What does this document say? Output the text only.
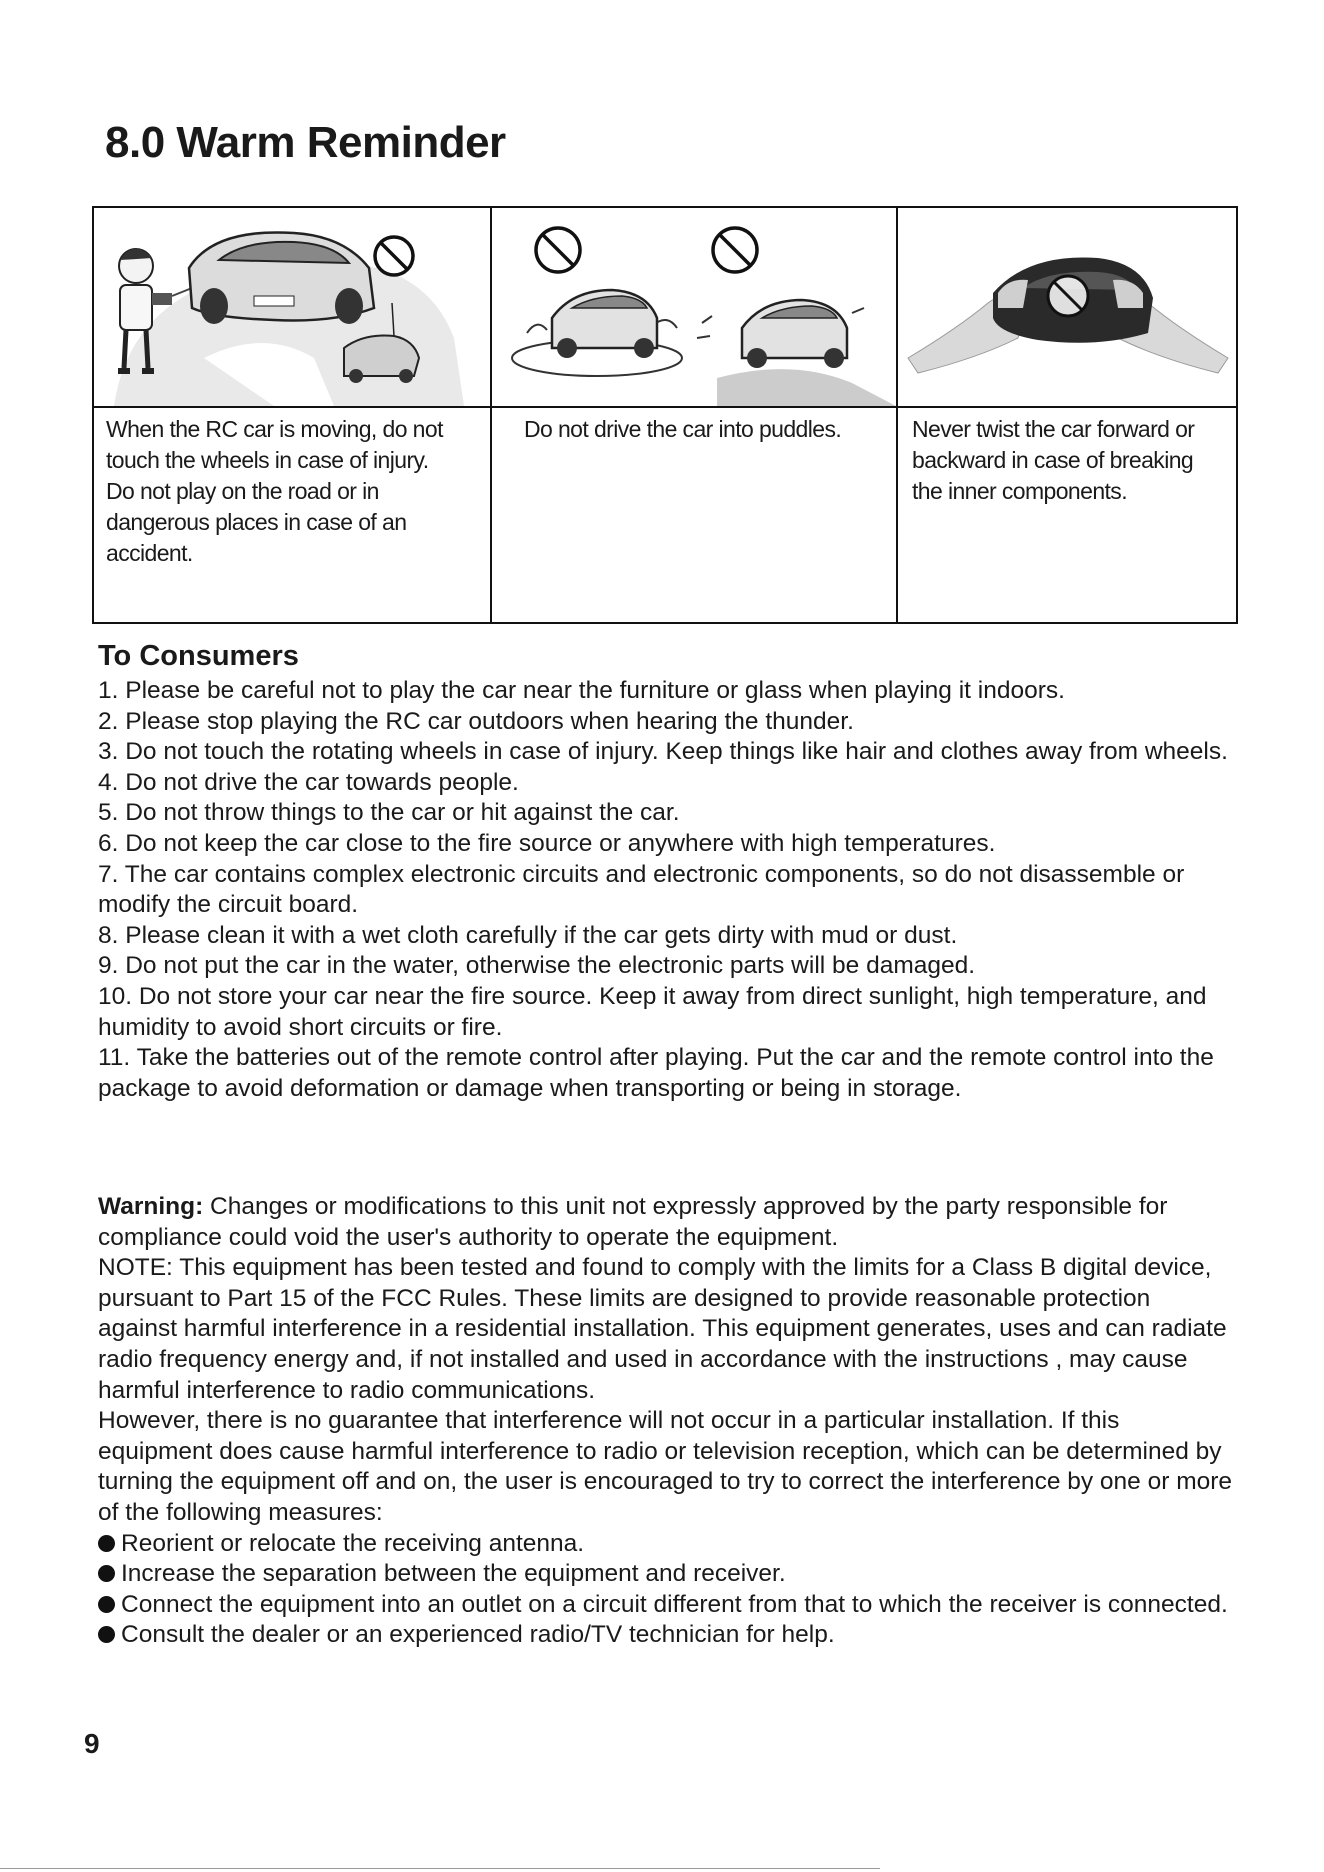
8.0 Warm Reminder
When the RC car is moving, do not
touch the wheels in case of injury.
Do not play on the road or in
dangerous places in case of an
accident.
Do not drive the car into puddles.	Never twist the car forward or
backward in case of breaking
the inner components.
To Consumers

1. Please be careful not to play the car near the furniture or glass when playing it indoors.

2. Please stop playing the RC car outdoors when hearing the thunder.

3. Do not touch the rotating wheels in case of injury. Keep things like hair and clothes away from wheels.

4. Do not drive the car towards people.

5. Do not throw things to the car or hit against the car.

6. Do not keep the car close to the fire source or anywhere with high temperatures.

7. The car contains complex electronic circuits and electronic components, so do not disassemble or modify the circuit board.

8. Please clean it with a wet cloth carefully if the car gets dirty with mud or dust.

9. Do not put the car in the water, otherwise the electronic parts will be damaged.

10. Do not store your car near the fire source. Keep it away from direct sunlight, high temperature, and humidity to avoid short circuits or fire.

11. Take the batteries out of the remote control after playing. Put the car and the remote control into the package to avoid deformation or damage when transporting or being in storage.

Warning: Changes or modifications to this unit not expressly approved by the party responsible for compliance could void the user's authority to operate the equipment.

NOTE: This equipment has been tested and found to comply with the limits for a Class B digital device, pursuant to Part 15 of the FCC Rules. These limits are designed to provide reasonable protection against harmful interference in a residential installation. This equipment generates, uses and can radiate radio frequency energy and, if not installed and used in accordance with the instructions , may cause harmful interference to radio communications.

However, there is no guarantee that interference will not occur in a particular installation. If this equipment does cause harmful interference to radio or television reception, which can be determined by turning the equipment off and on, the user is encouraged to try to correct the interference by one or more of the following measures:

Reorient or relocate the receiving antenna.

Increase the separation between the equipment and receiver.

Connect the equipment into an outlet on a circuit different from that to which the receiver is connected.

Consult the dealer or an experienced radio/TV technician for help.

9
